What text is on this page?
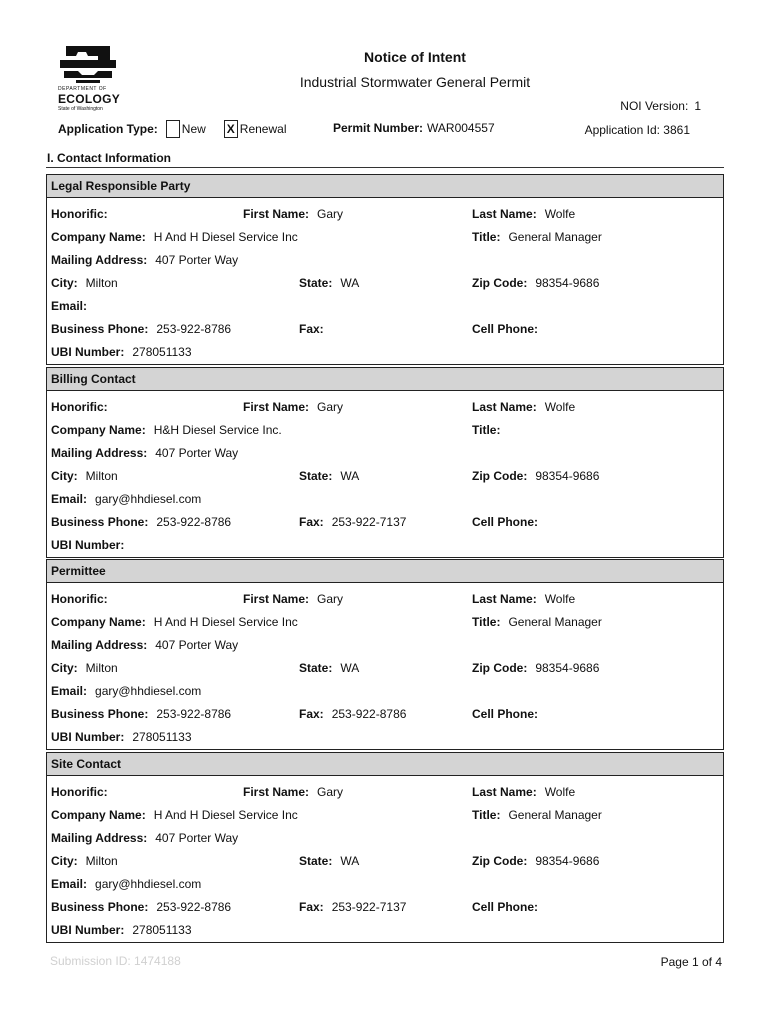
DEPARTMENT OF
ECOLOGY
State of Washington
Notice of Intent
Industrial Stormwater General Permit
NOI Version: 1
Application Type: New X Renewal	Permit Number: WAR004557	Application Id: 3861
I. Contact Information
Legal Responsible Party
Honorific:	First Name: Gary	Last Name: Wolfe
Company Name: H And H Diesel Service Inc	Title: General Manager
Mailing Address: 407 Porter Way
City: Milton	State: WA	Zip Code: 98354-9686
Email:
Business Phone: 253-922-8786	Fax:	Cell Phone:
UBI Number: 278051133
Billing Contact
Honorific:	First Name: Gary	Last Name: Wolfe
Company Name: H&H Diesel Service Inc.	Title:
Mailing Address: 407 Porter Way
City: Milton	State: WA	Zip Code: 98354-9686
Email: gary@hhdiesel.com
Business Phone: 253-922-8786	Fax: 253-922-7137	Cell Phone:
UBI Number:
Permittee
Honorific:	First Name: Gary	Last Name: Wolfe
Company Name: H And H Diesel Service Inc	Title: General Manager
Mailing Address: 407 Porter Way
City: Milton	State: WA	Zip Code: 98354-9686
Email: gary@hhdiesel.com
Business Phone: 253-922-8786	Fax: 253-922-8786	Cell Phone:
UBI Number: 278051133
Site Contact
Honorific:	First Name: Gary	Last Name: Wolfe
Company Name: H And H Diesel Service Inc	Title: General Manager
Mailing Address: 407 Porter Way
City: Milton	State: WA	Zip Code: 98354-9686
Email: gary@hhdiesel.com
Business Phone: 253-922-8786	Fax: 253-922-7137	Cell Phone:
UBI Number: 278051133
Submission ID: 1474188	Page 1 of 4
